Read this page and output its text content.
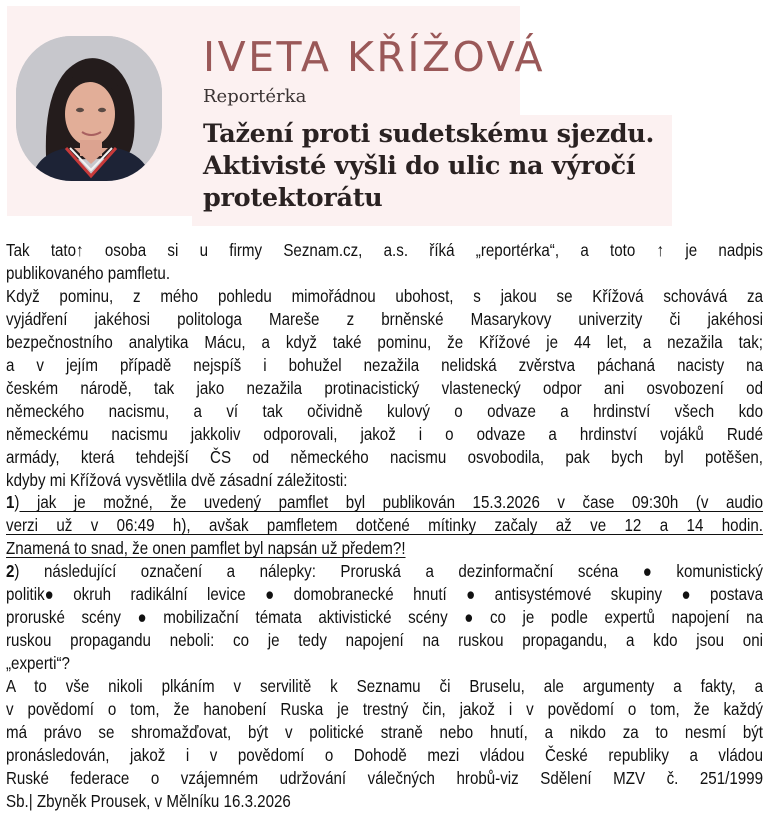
IVETA KŘÍŽOVÁ
Reportérka
Tažení proti sudetskému sjezdu.
Aktivisté vyšli do ulic na výročí
protektorátu
Tak tato↑ osoba si u firmy Seznam.cz, a.s. říká „reportérka“, a toto ↑ je nadpis
publikovaného pamfletu.
Když pominu, z mého pohledu mimořádnou ubohost, s jakou se Křížová schovává za
vyjádření jakéhosi politologa Mareše z brněnské Masarykovy univerzity či jakéhosi
bezpečnostního analytika Mácu, a když také pominu, že Křížové je 44 let, a nezažila tak;
a v jejím případě nejspíš i bohužel nezažila nelidská zvěrstva páchaná nacisty na
českém národě, tak jako nezažila protinacistický vlastenecký odpor ani osvobození od
německého nacismu, a ví tak očividně kulový o odvaze a hrdinství všech kdo
německému nacismu jakkoliv odporovali, jakož i o odvaze a hrdinství vojáků Rudé
armády, která tehdejší ČS od německého nacismu osvobodila, pak bych byl potěšen,
kdyby mi Křížová vysvětlila dvě zásadní záležitosti:
1) jak je možné, že uvedený pamflet byl publikován 15.3.2026 v čase 09:30h (v audio
verzi už v 06:49 h), avšak pamfletem dotčené mítinky začaly až ve 12 a 14 hodin.
Znamená to snad, že onen pamflet byl napsán už předem?!
2) následující označení a nálepky: Proruská a dezinformační scéna ● komunistický
politik● okruh radikální levice ● domobranecké hnutí ● antisystémové skupiny ● postava
proruské scény ● mobilizační témata aktivistické scény ● co je podle expertů napojení na
ruskou propagandu neboli: co je tedy napojení na ruskou propagandu, a kdo jsou oni
„experti“?
A to vše nikoli plkáním v servilitě k Seznamu či Bruselu, ale argumenty a fakty, a
v povědomí o tom, že hanobení Ruska je trestný čin, jakož i v povědomí o tom, že každý
má právo se shromažďovat, být v politické straně nebo hnutí, a nikdo za to nesmí být
pronásledován, jakož i v povědomí o Dohodě mezi vládou České republiky a vládou
Ruské federace o vzájemném udržování válečných hrobů-viz Sdělení MZV č. 251/1999
Sb.| Zbyněk Prousek, v Mělníku 16.3.2026
